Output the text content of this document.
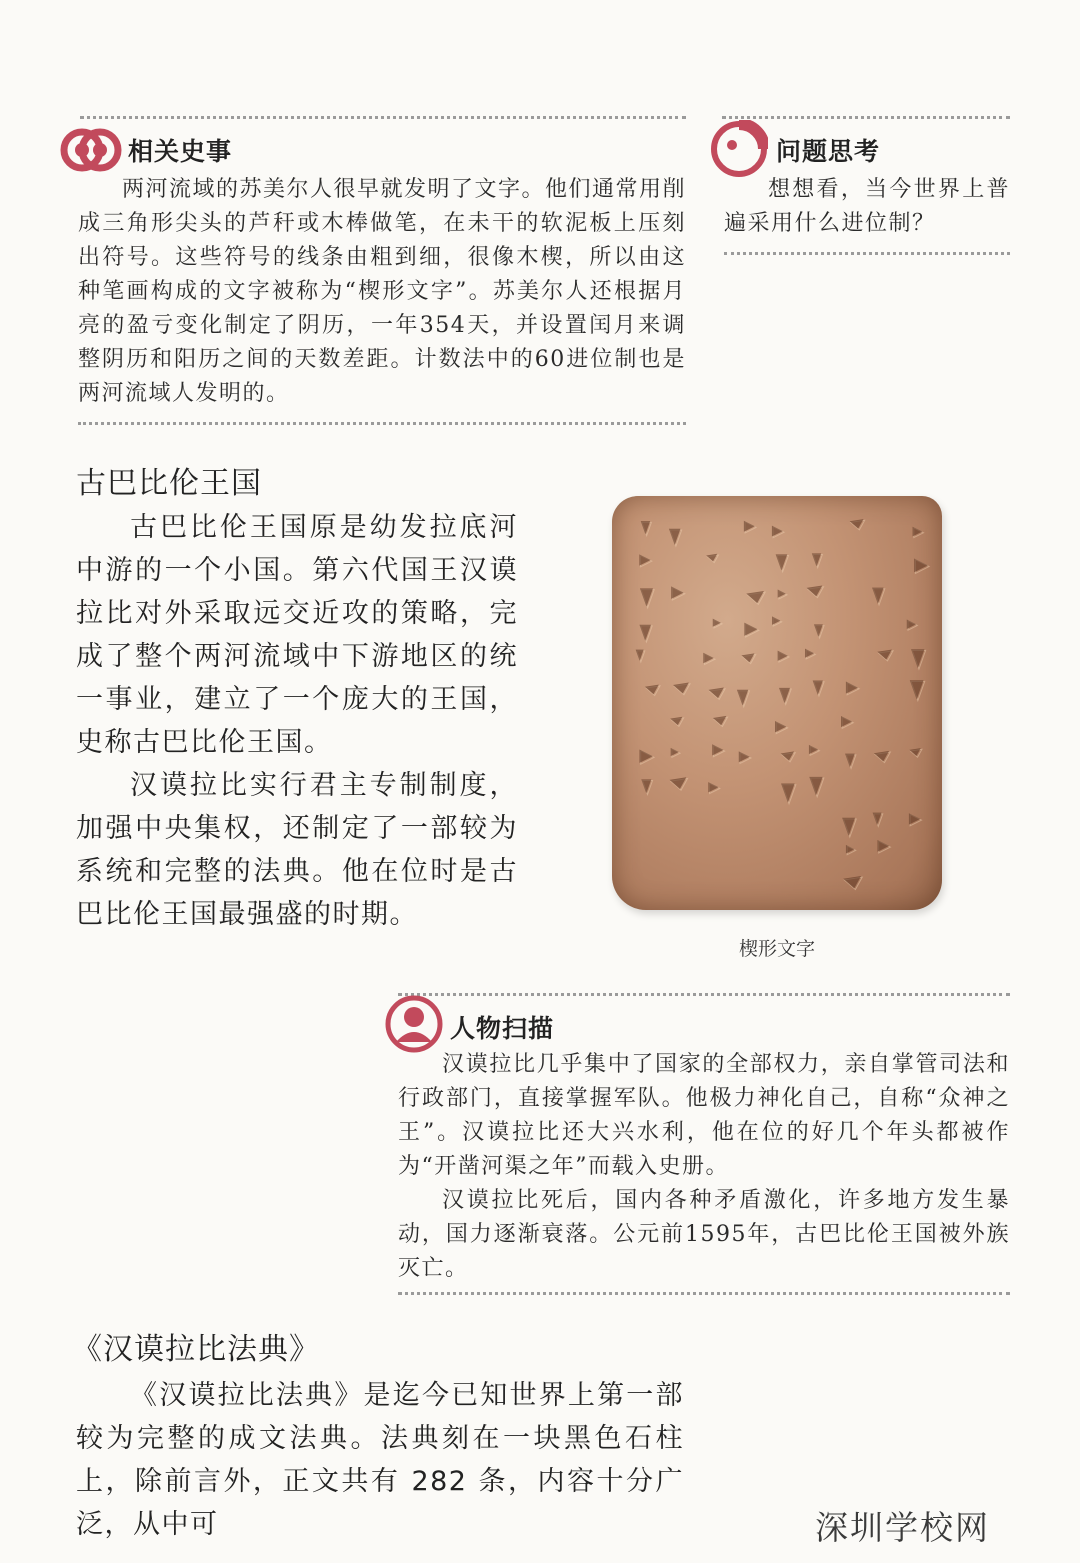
相关史事

两河流域的苏美尔人很早就发明了文字。他们通常用削成三角形尖头的芦秆或木棒做笔，在未干的软泥板上压刻出符号。这些符号的线条由粗到细，很像木楔，所以由这种笔画构成的文字被称为“楔形文字”。苏美尔人还根据月亮的盈亏变化制定了阴历，一年354天，并设置闰月来调整阴历和阳历之间的天数差距。计数法中的60进位制也是两河流域人发明的。

问题思考

想想看，当今世界上普遍采用什么进位制？

古巴比伦王国

古巴比伦王国原是幼发拉底河中游的一个小国。第六代国王汉谟拉比对外采取远交近攻的策略，完成了整个两河流域中下游地区的统一事业，建立了一个庞大的王国，史称古巴比伦王国。

汉谟拉比实行君主专制制度，加强中央集权，还制定了一部较为系统和完整的法典。他在位时是古巴比伦王国最强盛的时期。

楔形文字
人物扫描

汉谟拉比几乎集中了国家的全部权力，亲自掌管司法和行政部门，直接掌握军队。他极力神化自己，自称“众神之王”。汉谟拉比还大兴水利，他在位的好几个年头都被作为“开凿河渠之年”而载入史册。

汉谟拉比死后，国内各种矛盾激化，许多地方发生暴动，国力逐渐衰落。公元前1595年，古巴比伦王国被外族灭亡。

《汉谟拉比法典》

《汉谟拉比法典》是迄今已知世界上第一部较为完整的成文法典。法典刻在一块黑色石柱上，除前言外，正文共有 282 条，内容十分广泛，从中可	深圳学校网
